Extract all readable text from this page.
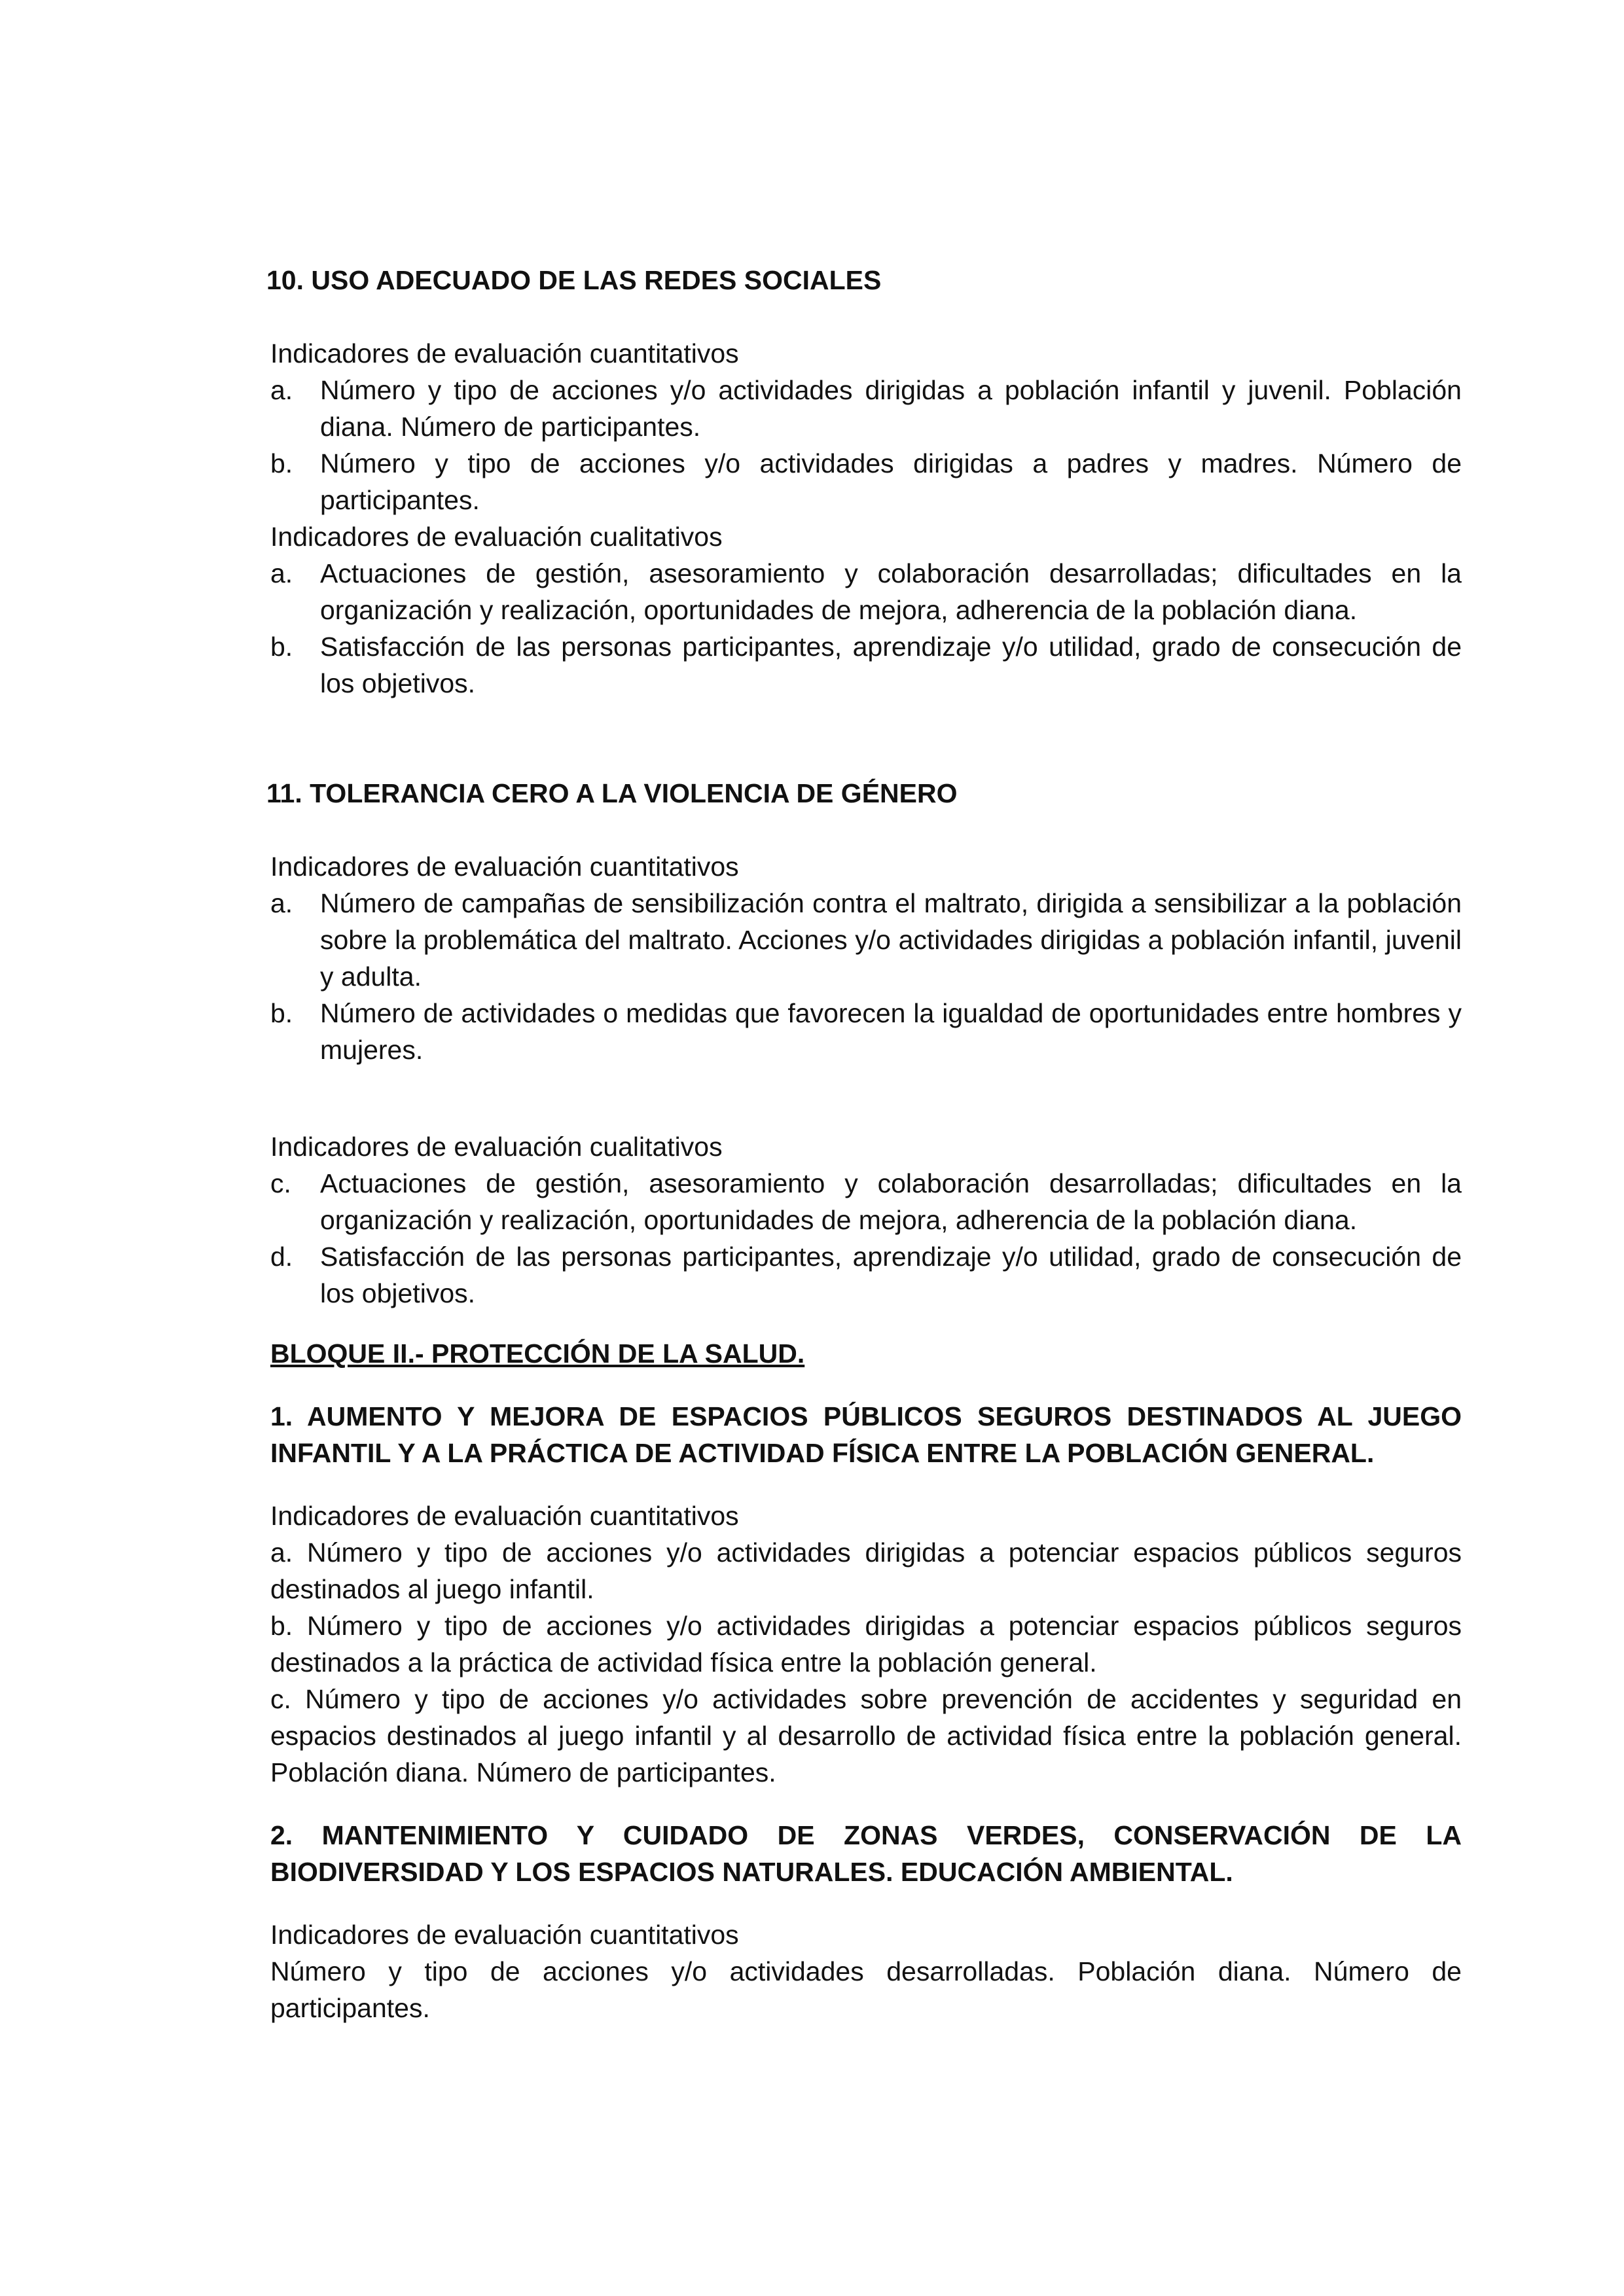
10. USO ADECUADO DE LAS REDES SOCIALES

Indicadores de evaluación cuantitativos

a.	Número y tipo de acciones y/o actividades dirigidas a población infantil y juvenil. Población diana. Número de participantes.
b.	Número y tipo de acciones y/o actividades dirigidas a padres y madres. Número de participantes.

Indicadores de evaluación cualitativos

a.	Actuaciones de gestión, asesoramiento y colaboración desarrolladas; dificultades en la organización y realización, oportunidades de mejora, adherencia de la población diana.
b.	Satisfacción de las personas participantes, aprendizaje y/o utilidad, grado de consecución de los objetivos.

11. TOLERANCIA CERO A LA VIOLENCIA DE GÉNERO

Indicadores de evaluación cuantitativos

a.	Número de campañas de sensibilización contra el maltrato, dirigida a sensibilizar a la población sobre la problemática del maltrato. Acciones y/o actividades dirigidas a población infantil, juvenil y adulta.
b.	Número de actividades o medidas que favorecen la igualdad de oportunidades entre hombres y mujeres.

Indicadores de evaluación cualitativos

c.	Actuaciones de gestión, asesoramiento y colaboración desarrolladas; dificultades en la organización y realización, oportunidades de mejora, adherencia de la población diana.
d.	Satisfacción de las personas participantes, aprendizaje y/o utilidad, grado de consecución de los objetivos.

BLOQUE II.- PROTECCIÓN DE LA SALUD.

1. AUMENTO Y MEJORA DE ESPACIOS PÚBLICOS SEGUROS DESTINADOS AL JUEGO INFANTIL Y A LA PRÁCTICA DE ACTIVIDAD FÍSICA ENTRE LA POBLACIÓN GENERAL.

Indicadores de evaluación cuantitativos

a. Número y tipo de acciones y/o actividades dirigidas a potenciar espacios públicos seguros destinados al juego infantil.

b. Número y tipo de acciones y/o actividades dirigidas a potenciar espacios públicos seguros destinados a la práctica de actividad física entre la población general.

c. Número y tipo de acciones y/o actividades sobre prevención de accidentes y seguridad en espacios destinados al juego infantil y al desarrollo de actividad física entre la población general. Población diana. Número de participantes.

2. MANTENIMIENTO Y CUIDADO DE ZONAS VERDES, CONSERVACIÓN DE LA BIODIVERSIDAD Y LOS ESPACIOS NATURALES. EDUCACIÓN AMBIENTAL.

Indicadores de evaluación cuantitativos

Número y tipo de acciones y/o actividades desarrolladas. Población diana. Número de participantes.
